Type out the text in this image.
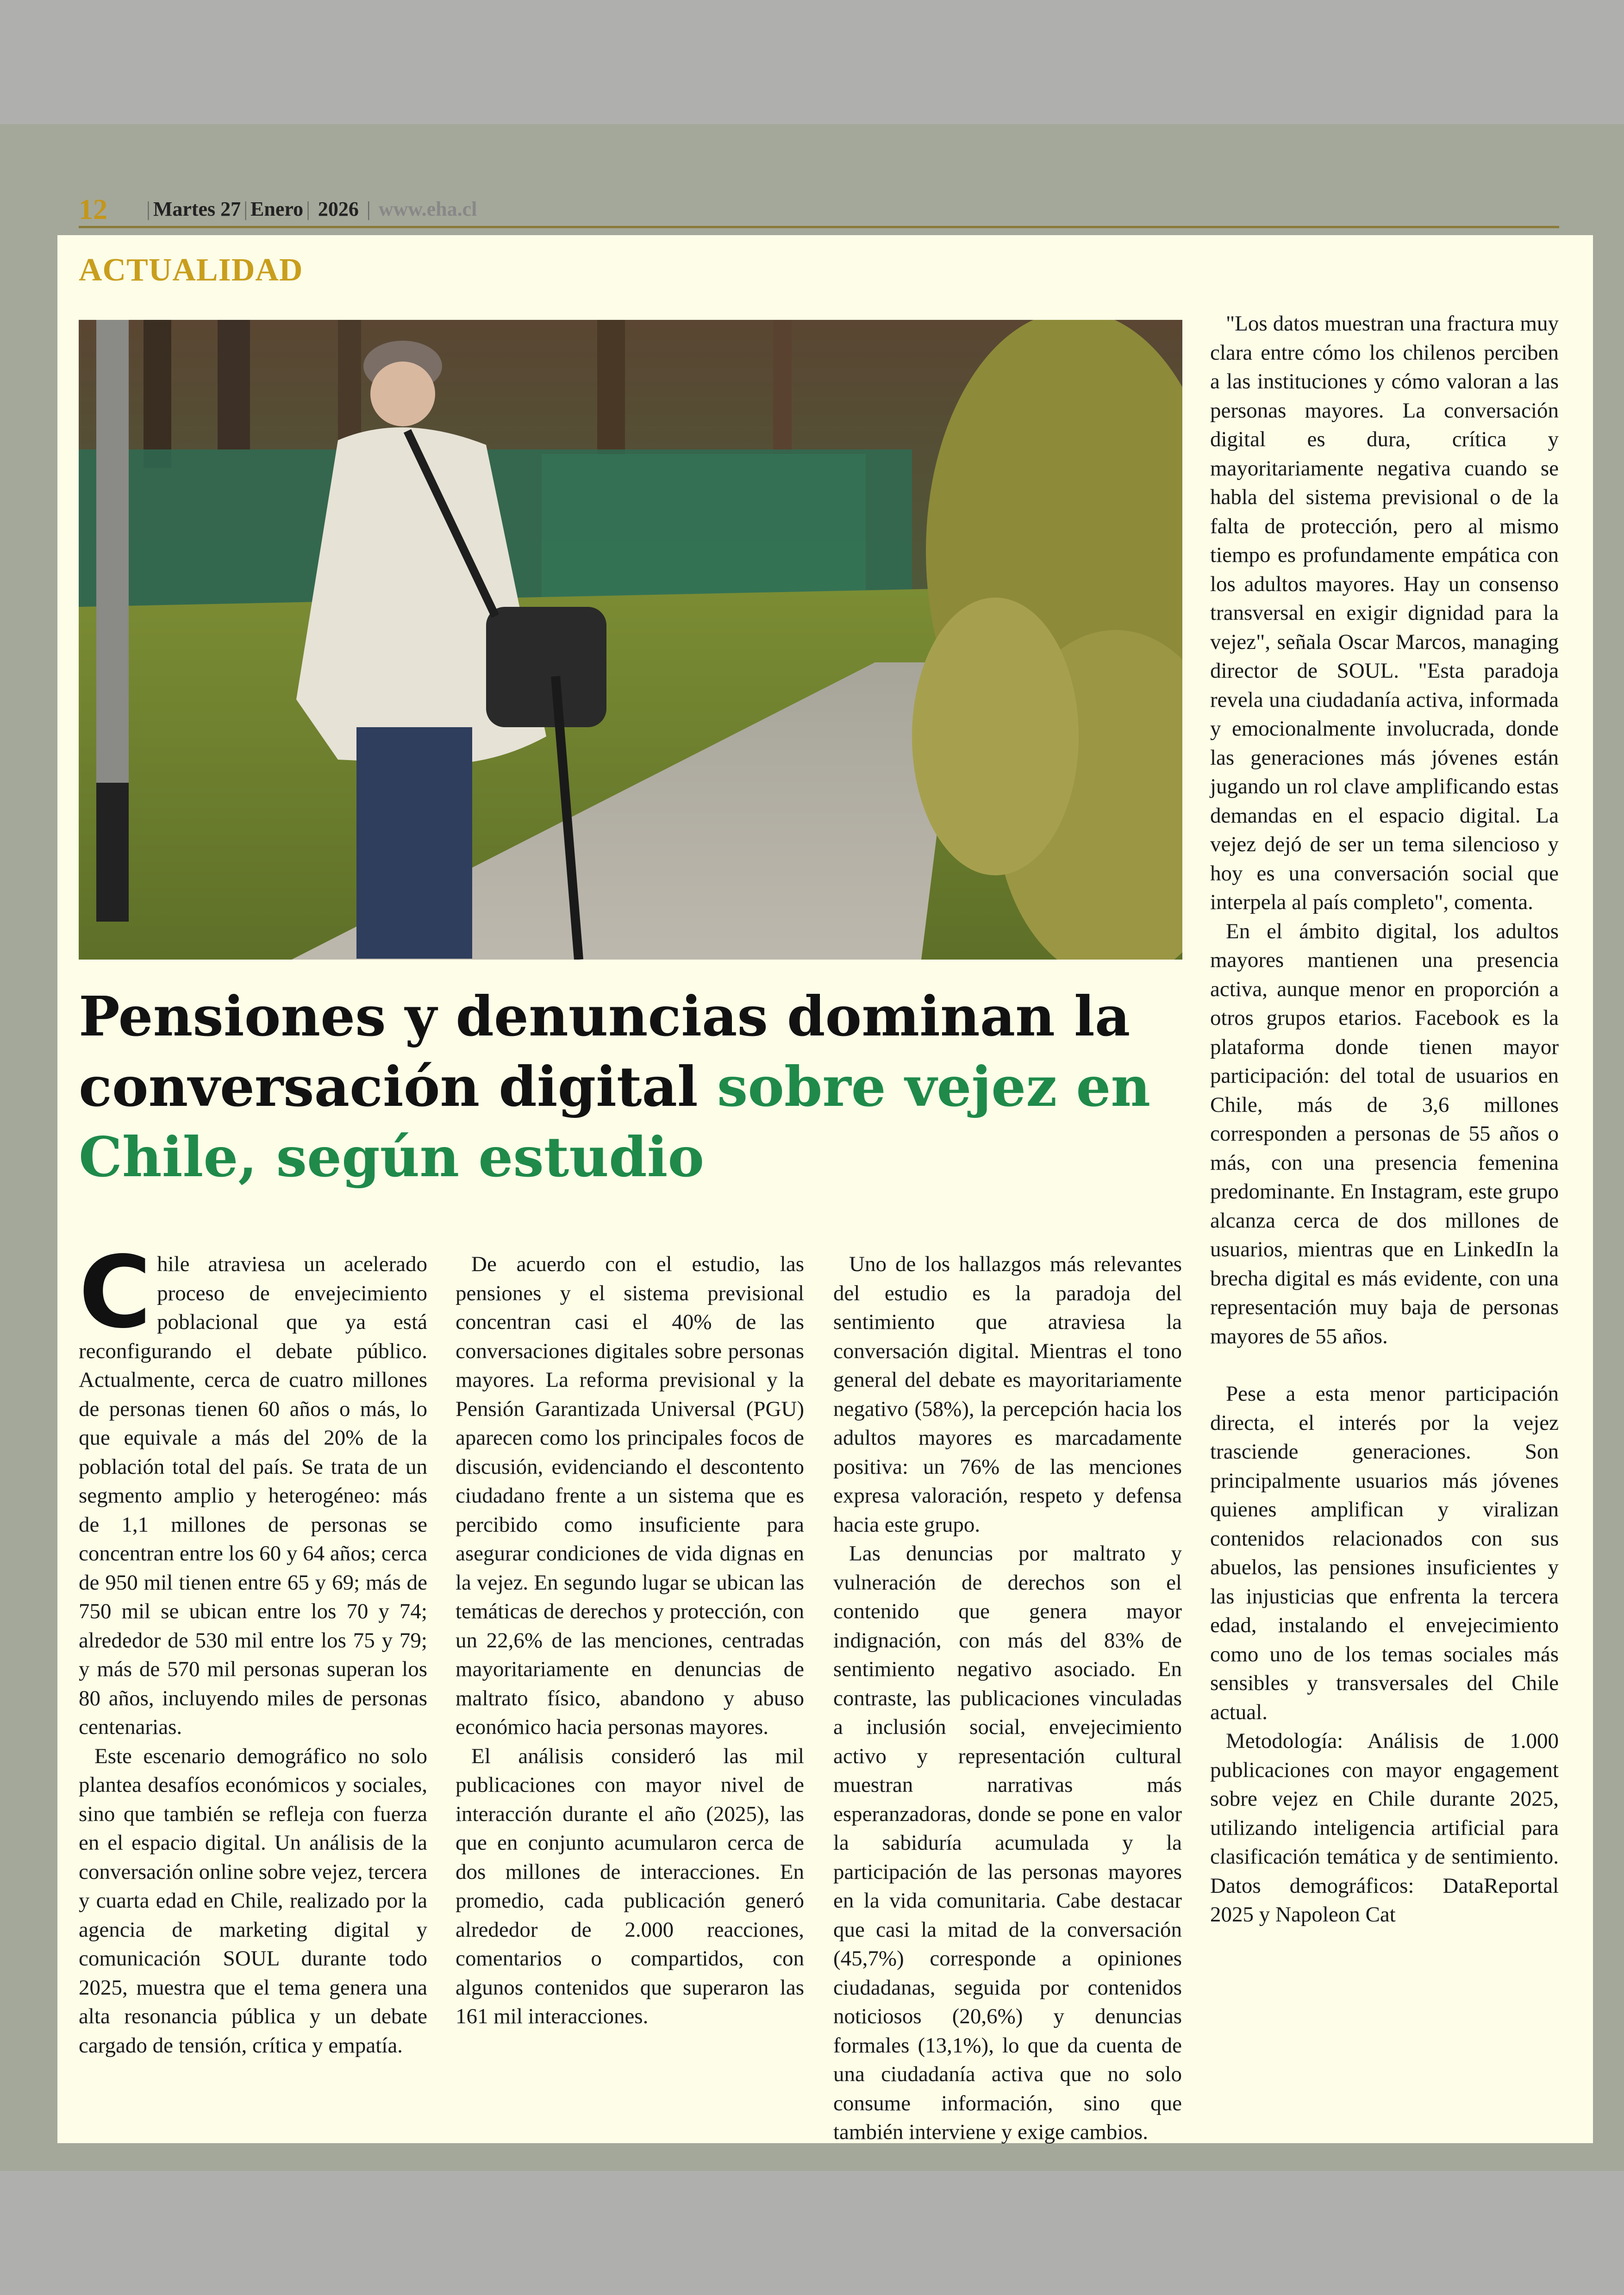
12 | Martes 27 | Enero | 2026 | www.eha.cl
ACTUALIDAD
Pensiones y denuncias dominan la conversación digital sobre vejez en Chile, según estudio

Chile atraviesa un acelerado proceso de envejecimiento poblacional que ya está reconfigurando el debate público. Actualmente, cerca de cuatro millones de personas tienen 60 años o más, lo que equivale a más del 20% de la población total del país. Se trata de un segmento amplio y heterogéneo: más de 1,1 millones de personas se concentran entre los 60 y 64 años; cerca de 950 mil tienen entre 65 y 69; más de 750 mil se ubican entre los 70 y 74; alrededor de 530 mil entre los 75 y 79; y más de 570 mil personas superan los 80 años, incluyendo miles de personas centenarias.

Este escenario demográfico no solo plantea desafíos económicos y sociales, sino que también se refleja con fuerza en el espacio digital. Un análisis de la conversación online sobre vejez, tercera y cuarta edad en Chile, realizado por la agencia de marketing digital y comunicación SOUL durante todo 2025, muestra que el tema genera una alta resonancia pública y un debate cargado de tensión, crítica y empatía.

De acuerdo con el estudio, las pensiones y el sistema previsional concentran casi el 40% de las conversaciones digitales sobre personas mayores. La reforma previsional y la Pensión Garantizada Universal (PGU) aparecen como los principales focos de discusión, evidenciando el descontento ciudadano frente a un sistema que es percibido como insuficiente para asegurar condiciones de vida dignas en la vejez. En segundo lugar se ubican las temáticas de derechos y protección, con un 22,6% de las menciones, centradas mayoritariamente en denuncias de maltrato físico, abandono y abuso económico hacia personas mayores.

El análisis consideró las mil publicaciones con mayor nivel de interacción durante el año (2025), las que en conjunto acumularon cerca de dos millones de interacciones. En promedio, cada publicación generó alrededor de 2.000 reacciones, comentarios o compartidos, con algunos contenidos que superaron las 161 mil interacciones.

Uno de los hallazgos más relevantes del estudio es la paradoja del sentimiento que atraviesa la conversación digital. Mientras el tono general del debate es mayoritariamente negativo (58%), la percepción hacia los adultos mayores es marcadamente positiva: un 76% de las menciones expresa valoración, respeto y defensa hacia este grupo.

Las denuncias por maltrato y vulneración de derechos son el contenido que genera mayor indignación, con más del 83% de sentimiento negativo asociado. En contraste, las publicaciones vinculadas a inclusión social, envejecimiento activo y representación cultural muestran narrativas más esperanzadoras, donde se pone en valor la sabiduría acumulada y la participación de las personas mayores en la vida comunitaria. Cabe destacar que casi la mitad de la conversación (45,7%) corresponde a opiniones ciudadanas, seguida por contenidos noticiosos (20,6%) y denuncias formales (13,1%), lo que da cuenta de una ciudadanía activa que no solo consume información, sino que también interviene y exige cambios.

"Los datos muestran una fractura muy clara entre cómo los chilenos perciben a las instituciones y cómo valoran a las personas mayores. La conversación digital es dura, crítica y mayoritariamente negativa cuando se habla del sistema previsional o de la falta de protección, pero al mismo tiempo es profundamente empática con los adultos mayores. Hay un consenso transversal en exigir dignidad para la vejez", señala Oscar Marcos, managing director de SOUL. "Esta paradoja revela una ciudadanía activa, informada y emocionalmente involucrada, donde las generaciones más jóvenes están jugando un rol clave amplificando estas demandas en el espacio digital. La vejez dejó de ser un tema silencioso y hoy es una conversación social que interpela al país completo", comenta.

En el ámbito digital, los adultos mayores mantienen una presencia activa, aunque menor en proporción a otros grupos etarios. Facebook es la plataforma donde tienen mayor participación: del total de usuarios en Chile, más de 3,6 millones corresponden a personas de 55 años o más, con una presencia femenina predominante. En Instagram, este grupo alcanza cerca de dos millones de usuarios, mientras que en LinkedIn la brecha digital es más evidente, con una representación muy baja de personas mayores de 55 años.

Pese a esta menor participación directa, el interés por la vejez trasciende generaciones. Son principalmente usuarios más jóvenes quienes amplifican y viralizan contenidos relacionados con sus abuelos, las pensiones insuficientes y las injusticias que enfrenta la tercera edad, instalando el envejecimiento como uno de los temas sociales más sensibles y transversales del Chile actual.

Metodología: Análisis de 1.000 publicaciones con mayor engagement sobre vejez en Chile durante 2025, utilizando inteligencia artificial para clasificación temática y de sentimiento. Datos demográficos: DataReportal 2025 y Napoleon Cat
